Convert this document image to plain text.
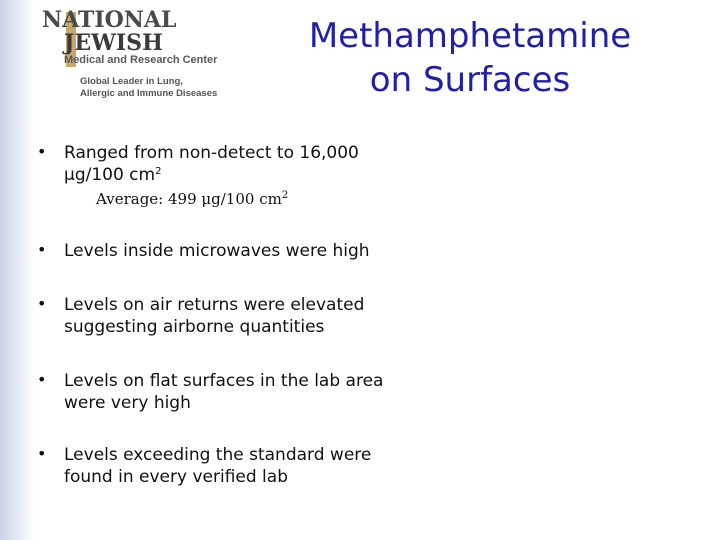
NATIONAL
JEWISH
Medical and Research Center
Global Leader in Lung, Allergic and Immune Diseases
Methamphetamine
on Surfaces
• Ranged from non-detect to 16,000
μg/100 $cm^2$
• Levels inside microwaves were high
• Levels on air returns were elevated suggesting airborne quantities
• Levels on flat surfaces in the lab area were very high
• Levels exceeding the standard were found in every verified lab
Average: 499 μg/100 $cm^2$
